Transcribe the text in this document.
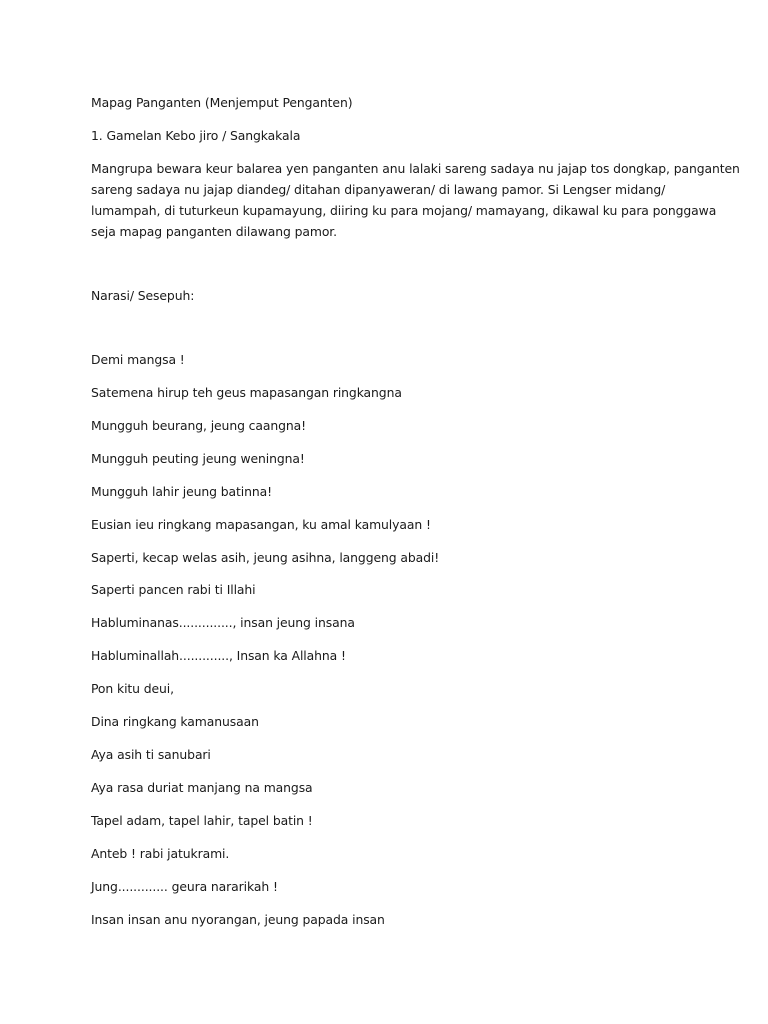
Mapag Panganten (Menjemput Penganten)
1. Gamelan Kebo jiro / Sangkakala
Mangrupa bewara keur balarea yen panganten anu lalaki sareng sadaya nu jajap tos dongkap, panganten
sareng sadaya nu jajap diandeg/ ditahan dipanyaweran/ di lawang pamor. Si Lengser midang/
lumampah, di tuturkeun kupamayung, diiring ku para mojang/ mamayang, dikawal ku para ponggawa
seja mapag panganten dilawang pamor.
Narasi/ Sesepuh:
Demi mangsa !
Satemena hirup teh geus mapasangan ringkangna
Mungguh beurang, jeung caangna!
Mungguh peuting jeung weningna!
Mungguh lahir jeung batinna!
Eusian ieu ringkang mapasangan, ku amal kamulyaan !
Saperti, kecap welas asih, jeung asihna, langgeng abadi!
Saperti pancen rabi ti Illahi
Habluminanas.............., insan jeung insana
Habluminallah............., Insan ka Allahna !
Pon kitu deui,
Dina ringkang kamanusaan
Aya asih ti sanubari
Aya rasa duriat manjang na mangsa
Tapel adam, tapel lahir, tapel batin !
Anteb ! rabi jatukrami.
Jung............. geura nararikah !
Insan insan anu nyorangan, jeung papada insan
